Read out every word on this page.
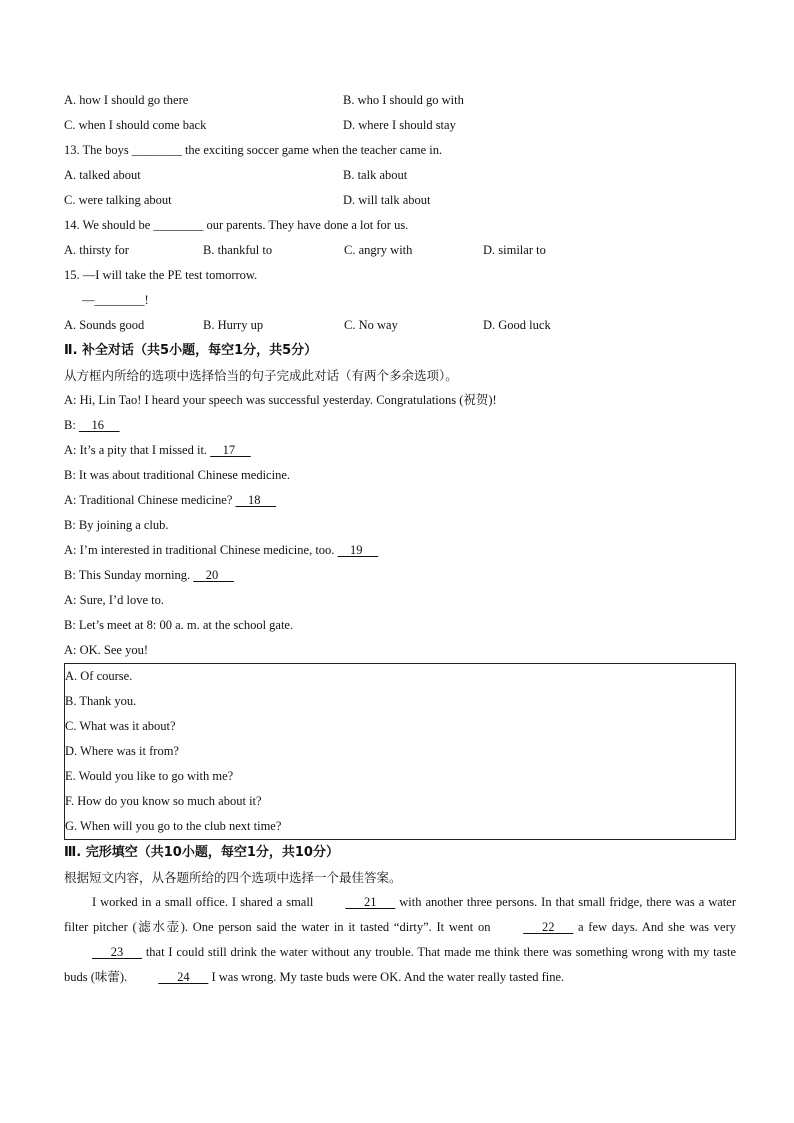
A. how I should go there	B. who I should go with
C. when I should come back	D. where I should stay
13. The boys ________ the exciting soccer game when the teacher came in.
A. talked about	B. talk about
C. were talking about	D. will talk about
14. We should be ________ our parents. They have done a lot for us.
A. thirsty for	B. thankful to	C. angry with	D. similar to
15. —I will take the PE test tomorrow.
—________!
A. Sounds good	B. Hurry up	C. No way	D. Good luck
Ⅱ. 补全对话（共5小题，每空1分，共5分）
从方框内所给的选项中选择恰当的句子完成此对话（有两个多余选项）。
A: Hi, Lin Tao! I heard your speech was successful yesterday. Congratulations (祝贺)!
B:     16
A: It’s a pity that I missed it.     17
B: It was about traditional Chinese medicine.
A: Traditional Chinese medicine?     18
B: By joining a club.
A: I’m interested in traditional Chinese medicine, too.     19
B: This Sunday morning.     20
A: Sure, I’d love to.
B: Let’s meet at 8: 00 a. m. at the school gate.
A: OK. See you!
A. Of course.
B. Thank you.
C. What was it about?
D. Where was it from?
E. Would you like to go with me?
F. How do you know so much about it?
G. When will you go to the club next time?
Ⅲ. 完形填空（共10小题，每空1分，共10分）
根据短文内容，从各题所给的四个选项中选择一个最佳答案。
I worked in a small office. I shared a small	21       with another three persons. In that small fridge, there was a water filter pitcher (滤水壶). One person said the water in it tasted “dirty”. It went on	22       a few days. And she was very       23       that I could still drink the water without any trouble. That made me think there was something wrong with my taste buds (味蕾).	24       I was wrong. My taste buds were OK. And the water really tasted fine.
